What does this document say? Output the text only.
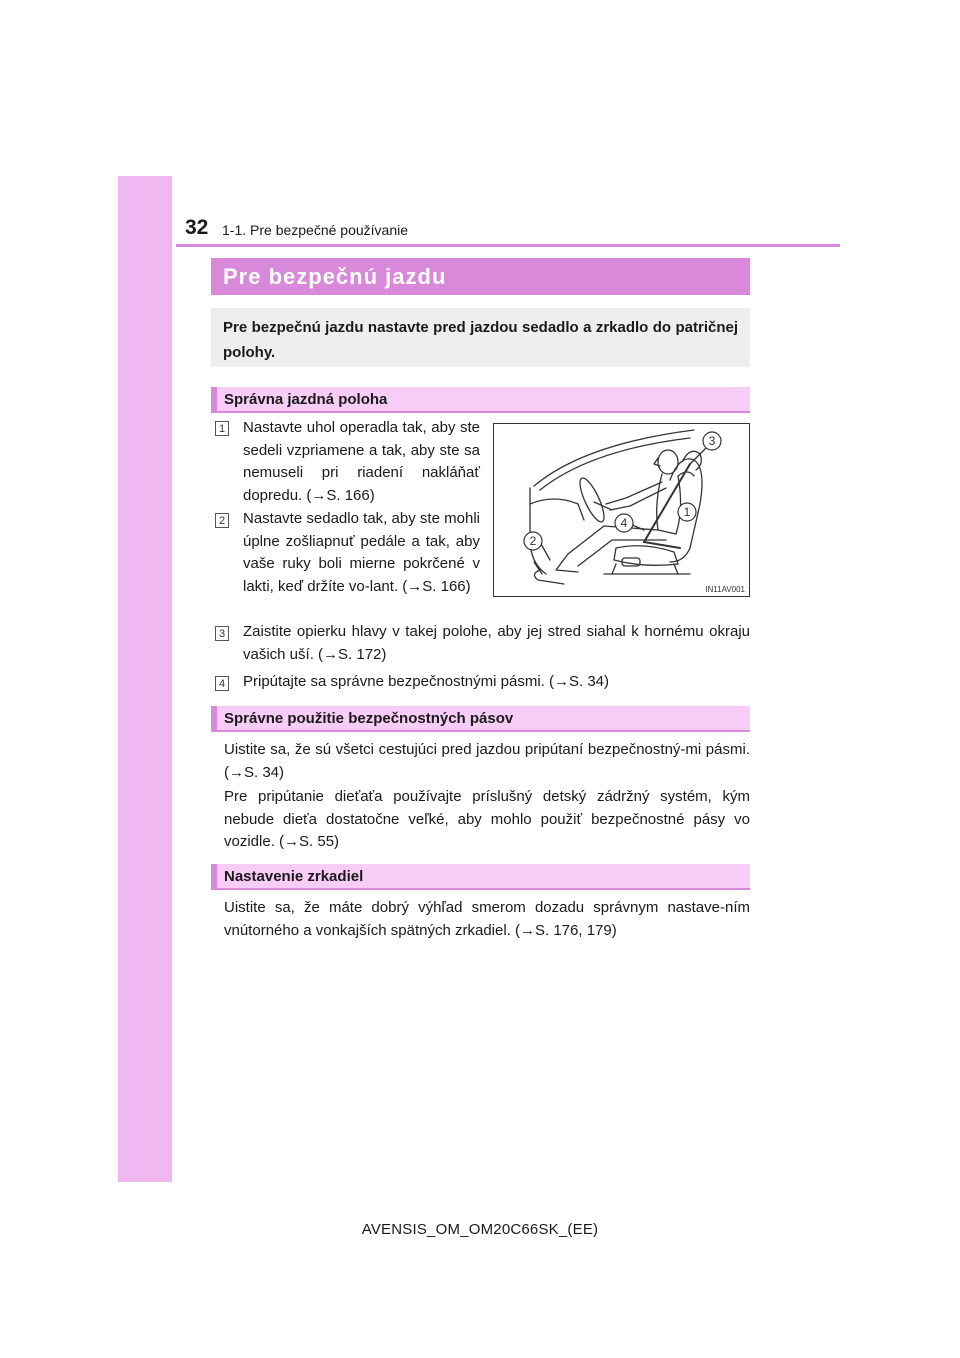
32 1-1. Pre bezpečné používanie
Pre bezpečnú jazdu
Pre bezpečnú jazdu nastavte pred jazdou sedadlo a zrkadlo do patričnej polohy.
Správna jazdná poloha
1 Nastavte uhol operadla tak, aby ste sedeli vzpriamene a tak, aby ste sa nemuseli pri riadení nakláňať dopredu. (→S. 166)
2 Nastavte sedadlo tak, aby ste mohli úplne zošliapnuť pedále a tak, aby vaše ruky boli mierne pokrčené v lakti, keď držíte vo-lant. (→S. 166)
3 Zaistite opierku hlavy v takej polohe, aby jej stred siahal k hornému okraju vašich uší. (→S. 172)
4 Pripútajte sa správne bezpečnostnými pásmi. (→S. 34)
3
1
4
2
IN11AV001
Správne použitie bezpečnostných pásov
Uistite sa, že sú všetci cestujúci pred jazdou pripútaní bezpečnostný-mi pásmi. (→S. 34)
Pre pripútanie dieťaťa používajte príslušný detský zádržný systém, kým nebude dieťa dostatočne veľké, aby mohlo použiť bezpečnostné pásy vo vozidle. (→S. 55)
Nastavenie zrkadiel
Uistite sa, že máte dobrý výhľad smerom dozadu správnym nastave-ním vnútorného a vonkajších spätných zrkadiel. (→S. 176, 179)
AVENSIS_OM_OM20C66SK_(EE)
